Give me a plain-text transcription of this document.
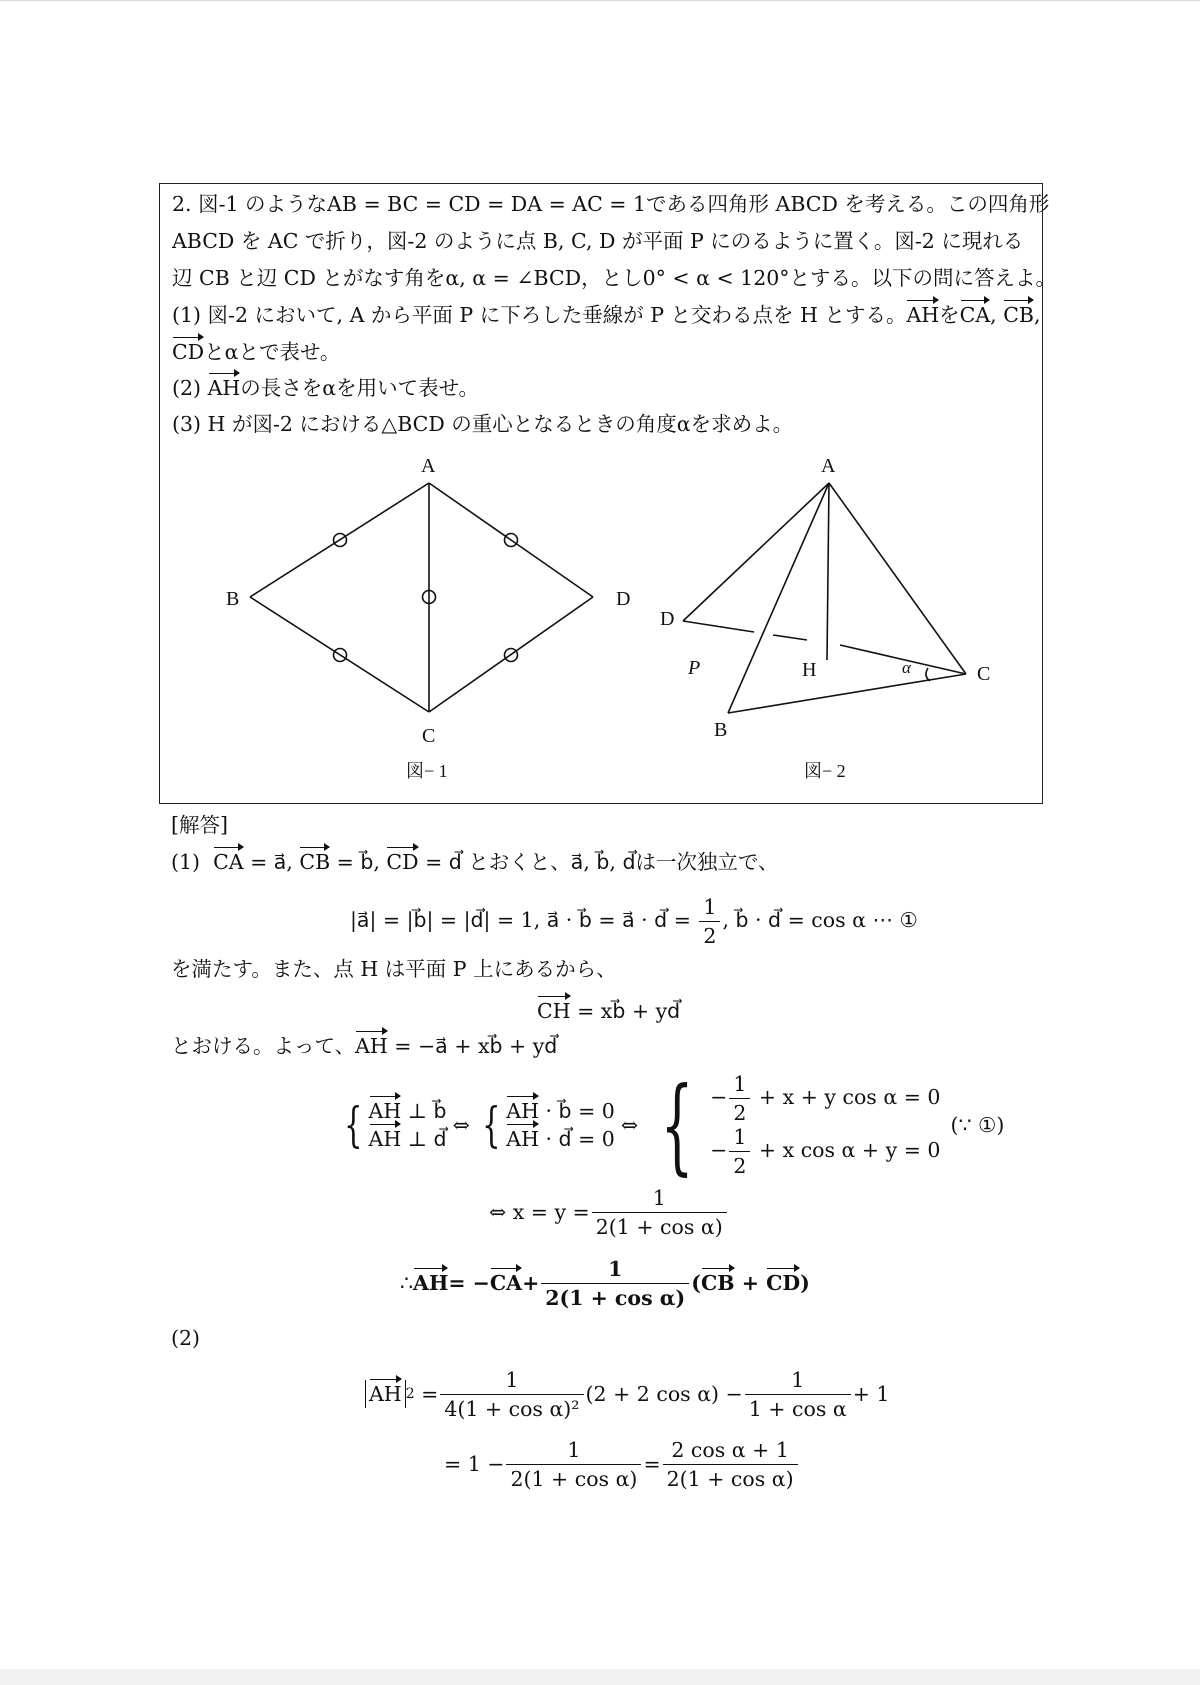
2. 図-1 のようなAB = BC = CD = DA = AC = 1である四角形 ABCD を考える。この四角形
ABCD を AC で折り，図-2 のように点 B, C, D が平面 P にのるように置く。図-2 に現れる
辺 CB と辺 CD とがなす角をα, α = ∠BCD，とし0° < α < 120°とする。以下の問に答えよ。
(1) 図-2 において, A から平面 P に下ろした垂線が P と交わる点を H とする。AHをCA, CB,
CDとαとで表せ。
(2) AHの長さをαを用いて表せ。
(3) H が図-2 における△BCD の重心となるときの角度αを求めよ。
A
B
C
D
図− 1
A
D
P	H	α	C
B
図− 2
[解答]
(1) CA = a⃗, CB = b⃗, CD = d⃗ とおくと、a⃗, b⃗, d⃗は一次独立で、
|a⃗| = |b⃗| = |d⃗| = 1, a⃗ · b⃗ = a⃗ · d⃗ = $\frac{1}{2}$ , b⃗ · d⃗ = cos α ⋯ ①
を満たす。また、点 H は平面 P 上にあるから、
CH = xb⃗ + yd⃗
とおける。よって、AH = −a⃗ + xb⃗ + yd⃗
{ AH ⊥ b⃗
AH ⊥ d⃗
⇔ { AH · b⃗ = 0
AH · d⃗ = 0
⇔ { − $\frac{1}{2} + x + y$ cos α = 0
− $\frac{1}{2} + x$ cos α + y = 0
(∵ ①)
⇔ $x = y = \frac{1}{\text{2(1 + cos α)}}$
∴ AH = − CA + $\frac{1}{\text{2(1 + cos α)}} (CB + CD)$
(2)
AH $2 = \frac{1}{\text{4(1 + cos α)²}} (2 + 2$ $\cos \alpha) - \frac{1}{\text{1 + cos α}} + 1$
= $1 - \frac{1}{\text{2(1 + cos α)}} = \frac{\text{2 cos α + 1}}{\text{2(1 + cos α)}}$
